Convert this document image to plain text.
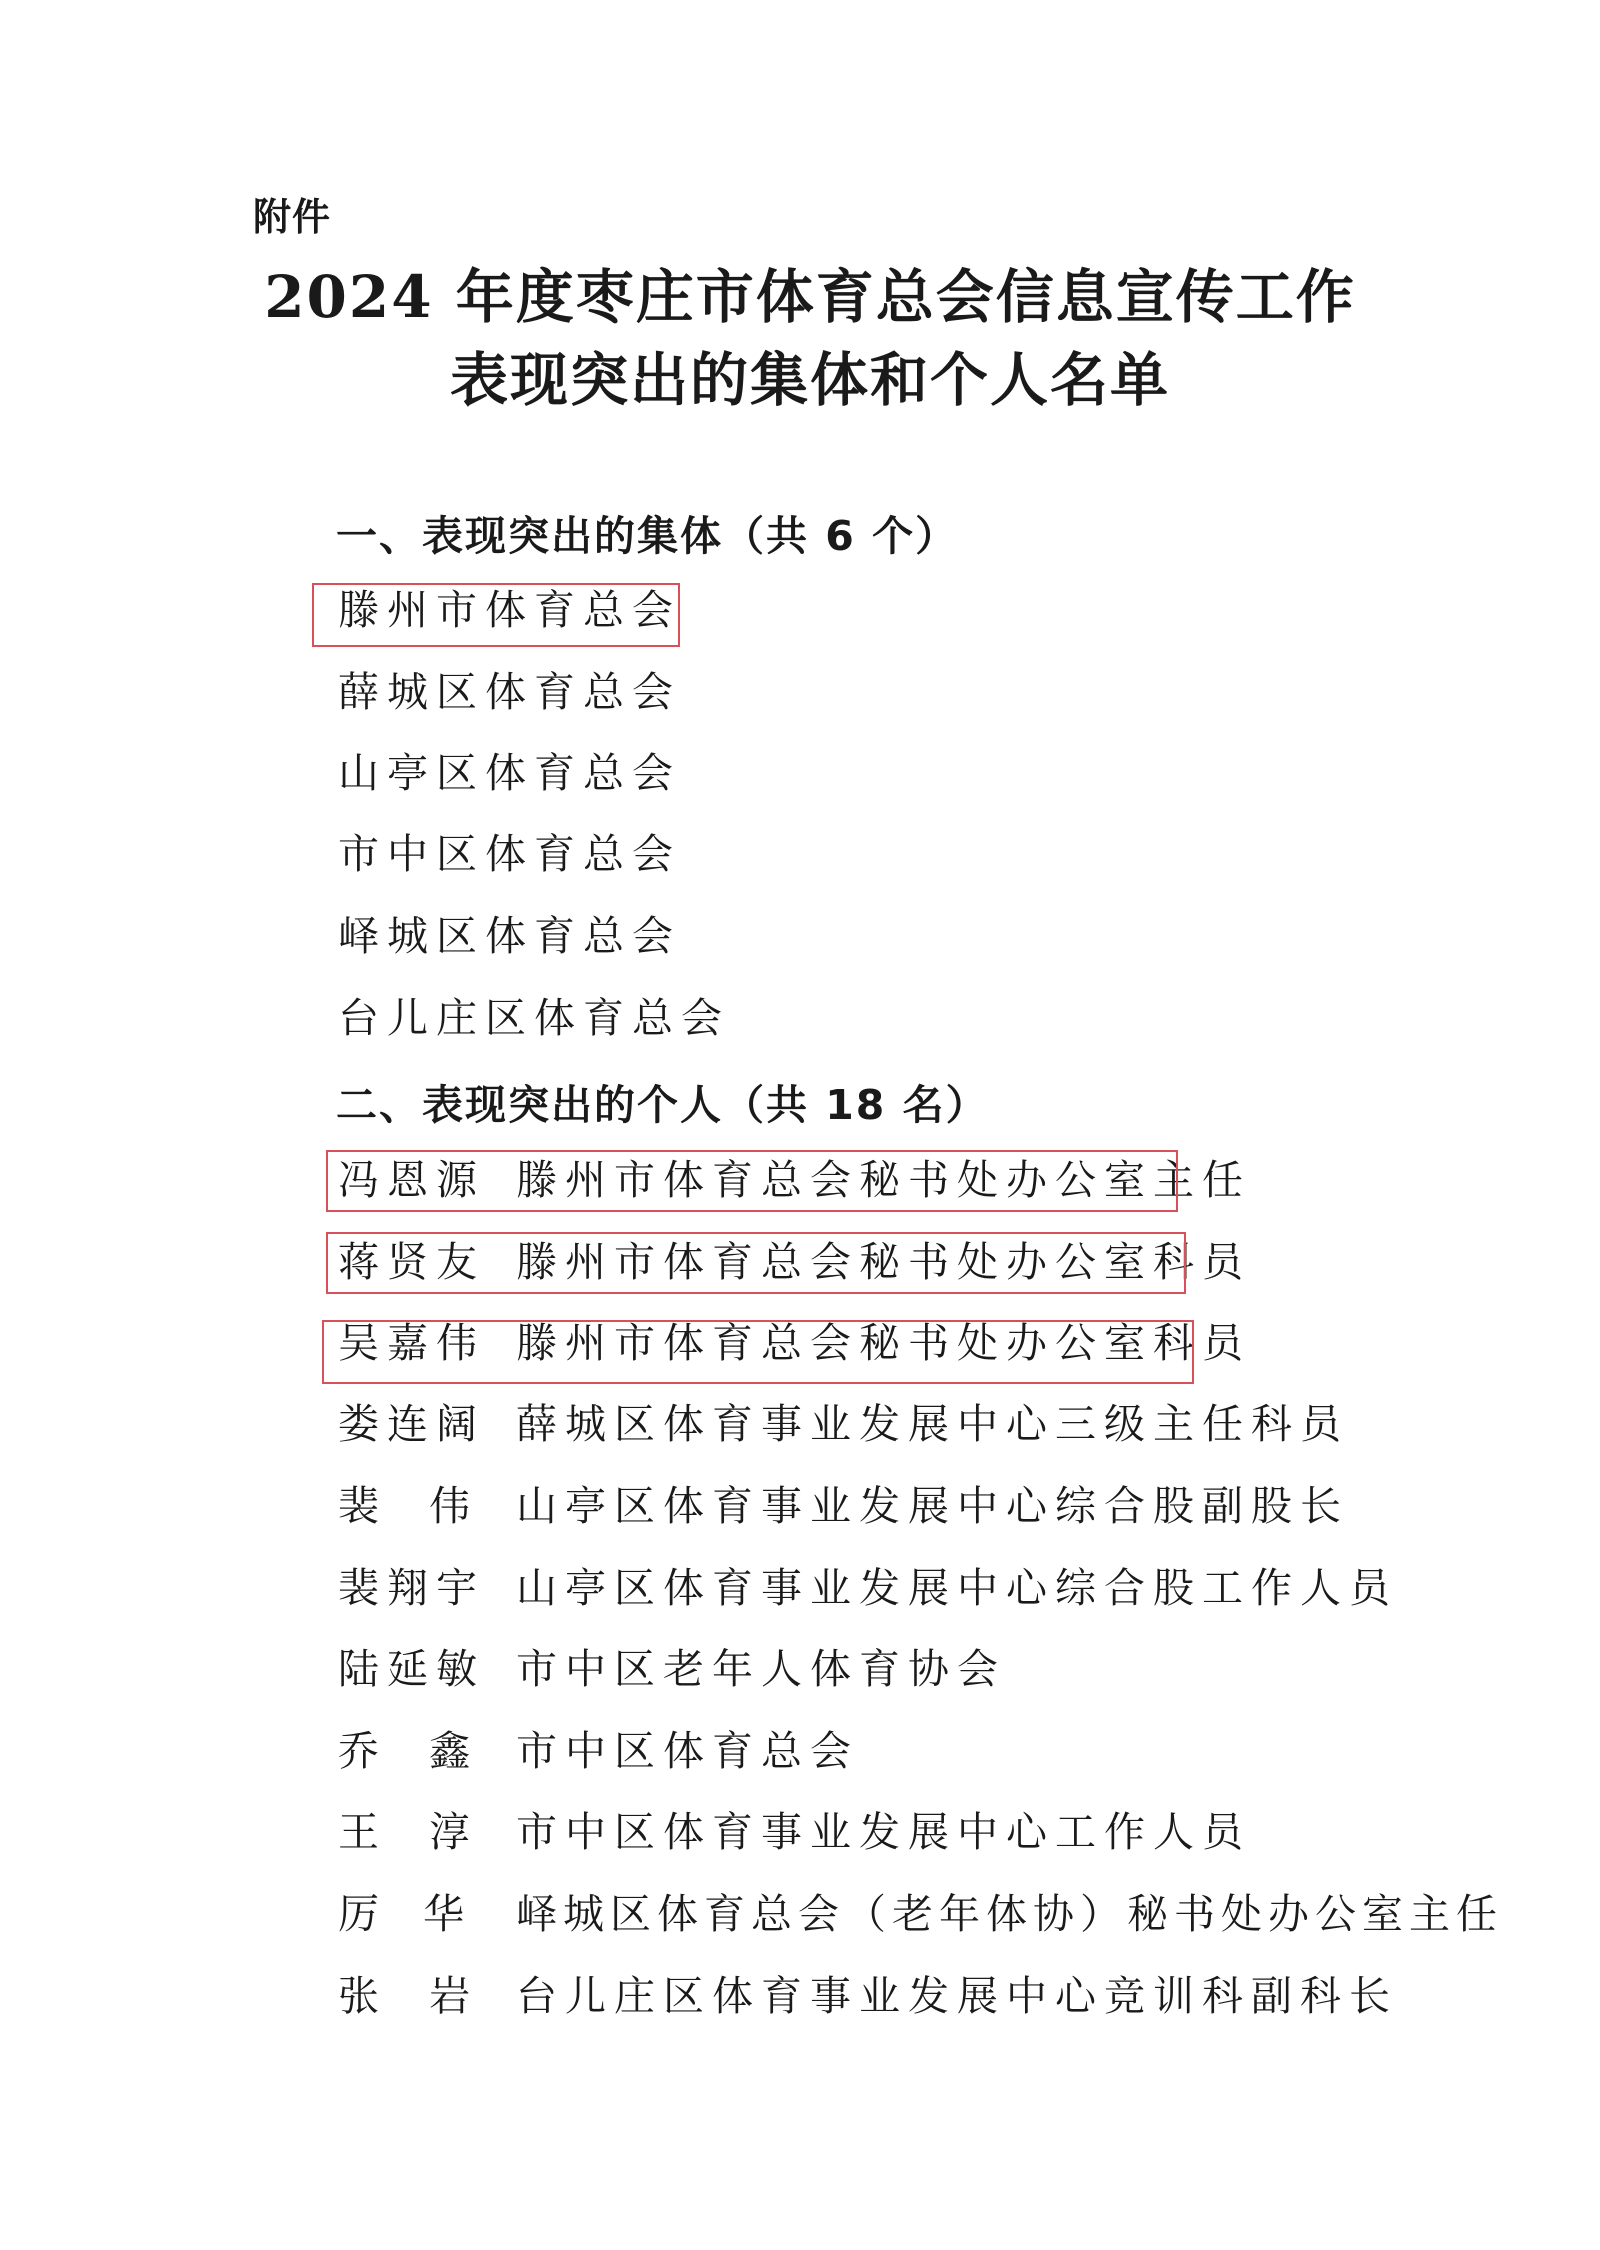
附件
2024 年度枣庄市体育总会信息宣传工作
表现突出的集体和个人名单
一、表现突出的集体（共 6 个）
滕州市体育总会
薛城区体育总会
山亭区体育总会
市中区体育总会
峄城区体育总会
台儿庄区体育总会
二、表现突出的个人（共 18 名）
冯恩源 滕州市体育总会秘书处办公室主任
蒋贤友 滕州市体育总会秘书处办公室科员
吴嘉伟 滕州市体育总会秘书处办公室科员
娄连阔 薛城区体育事业发展中心三级主任科员
裴  伟 山亭区体育事业发展中心综合股副股长
裴翔宇 山亭区体育事业发展中心综合股工作人员
陆延敏 市中区老年人体育协会
乔  鑫 市中区体育总会
王  淳 市中区体育事业发展中心工作人员
厉  华 峄城区体育总会（老年体协）秘书处办公室主任
张  岩 台儿庄区体育事业发展中心竞训科副科长
